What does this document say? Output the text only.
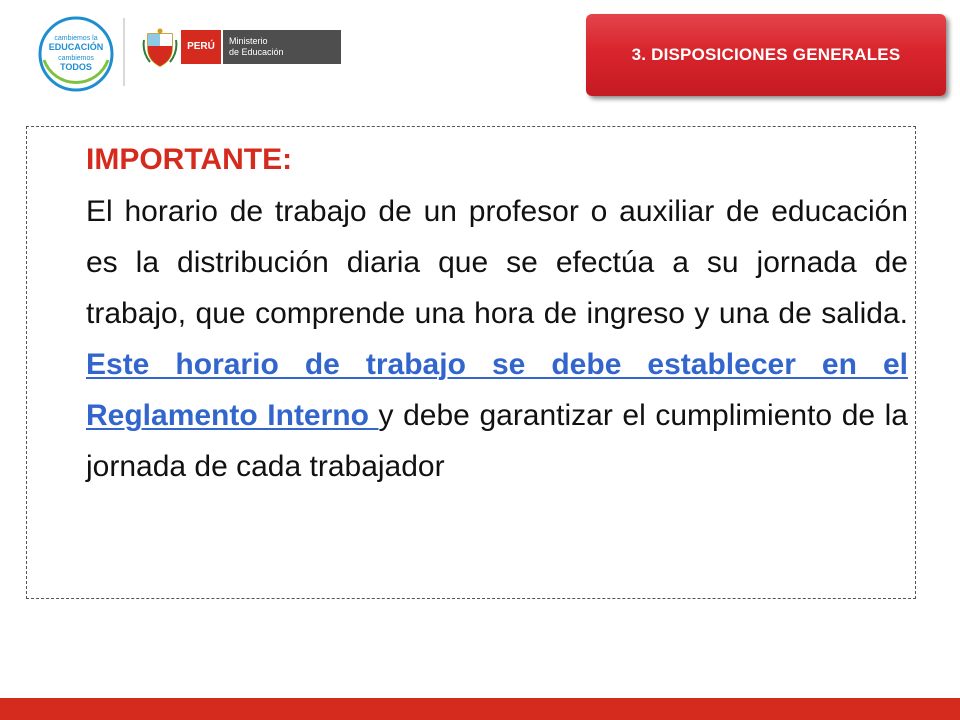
cambiemos la
EDUCACIÓN
cambiemos
TODOS
PERÚ	Ministerio
de Educación	3. DISPOSICIONES GENERALES
IMPORTANTE:
El horario de trabajo de un profesor o auxiliar de educación es la distribución diaria que se efectúa a su jornada de trabajo, que comprende una hora de ingreso y una de salida. Este horario de trabajo se debe establecer en el Reglamento Interno y debe garantizar el cumplimiento de la jornada de cada trabajador
